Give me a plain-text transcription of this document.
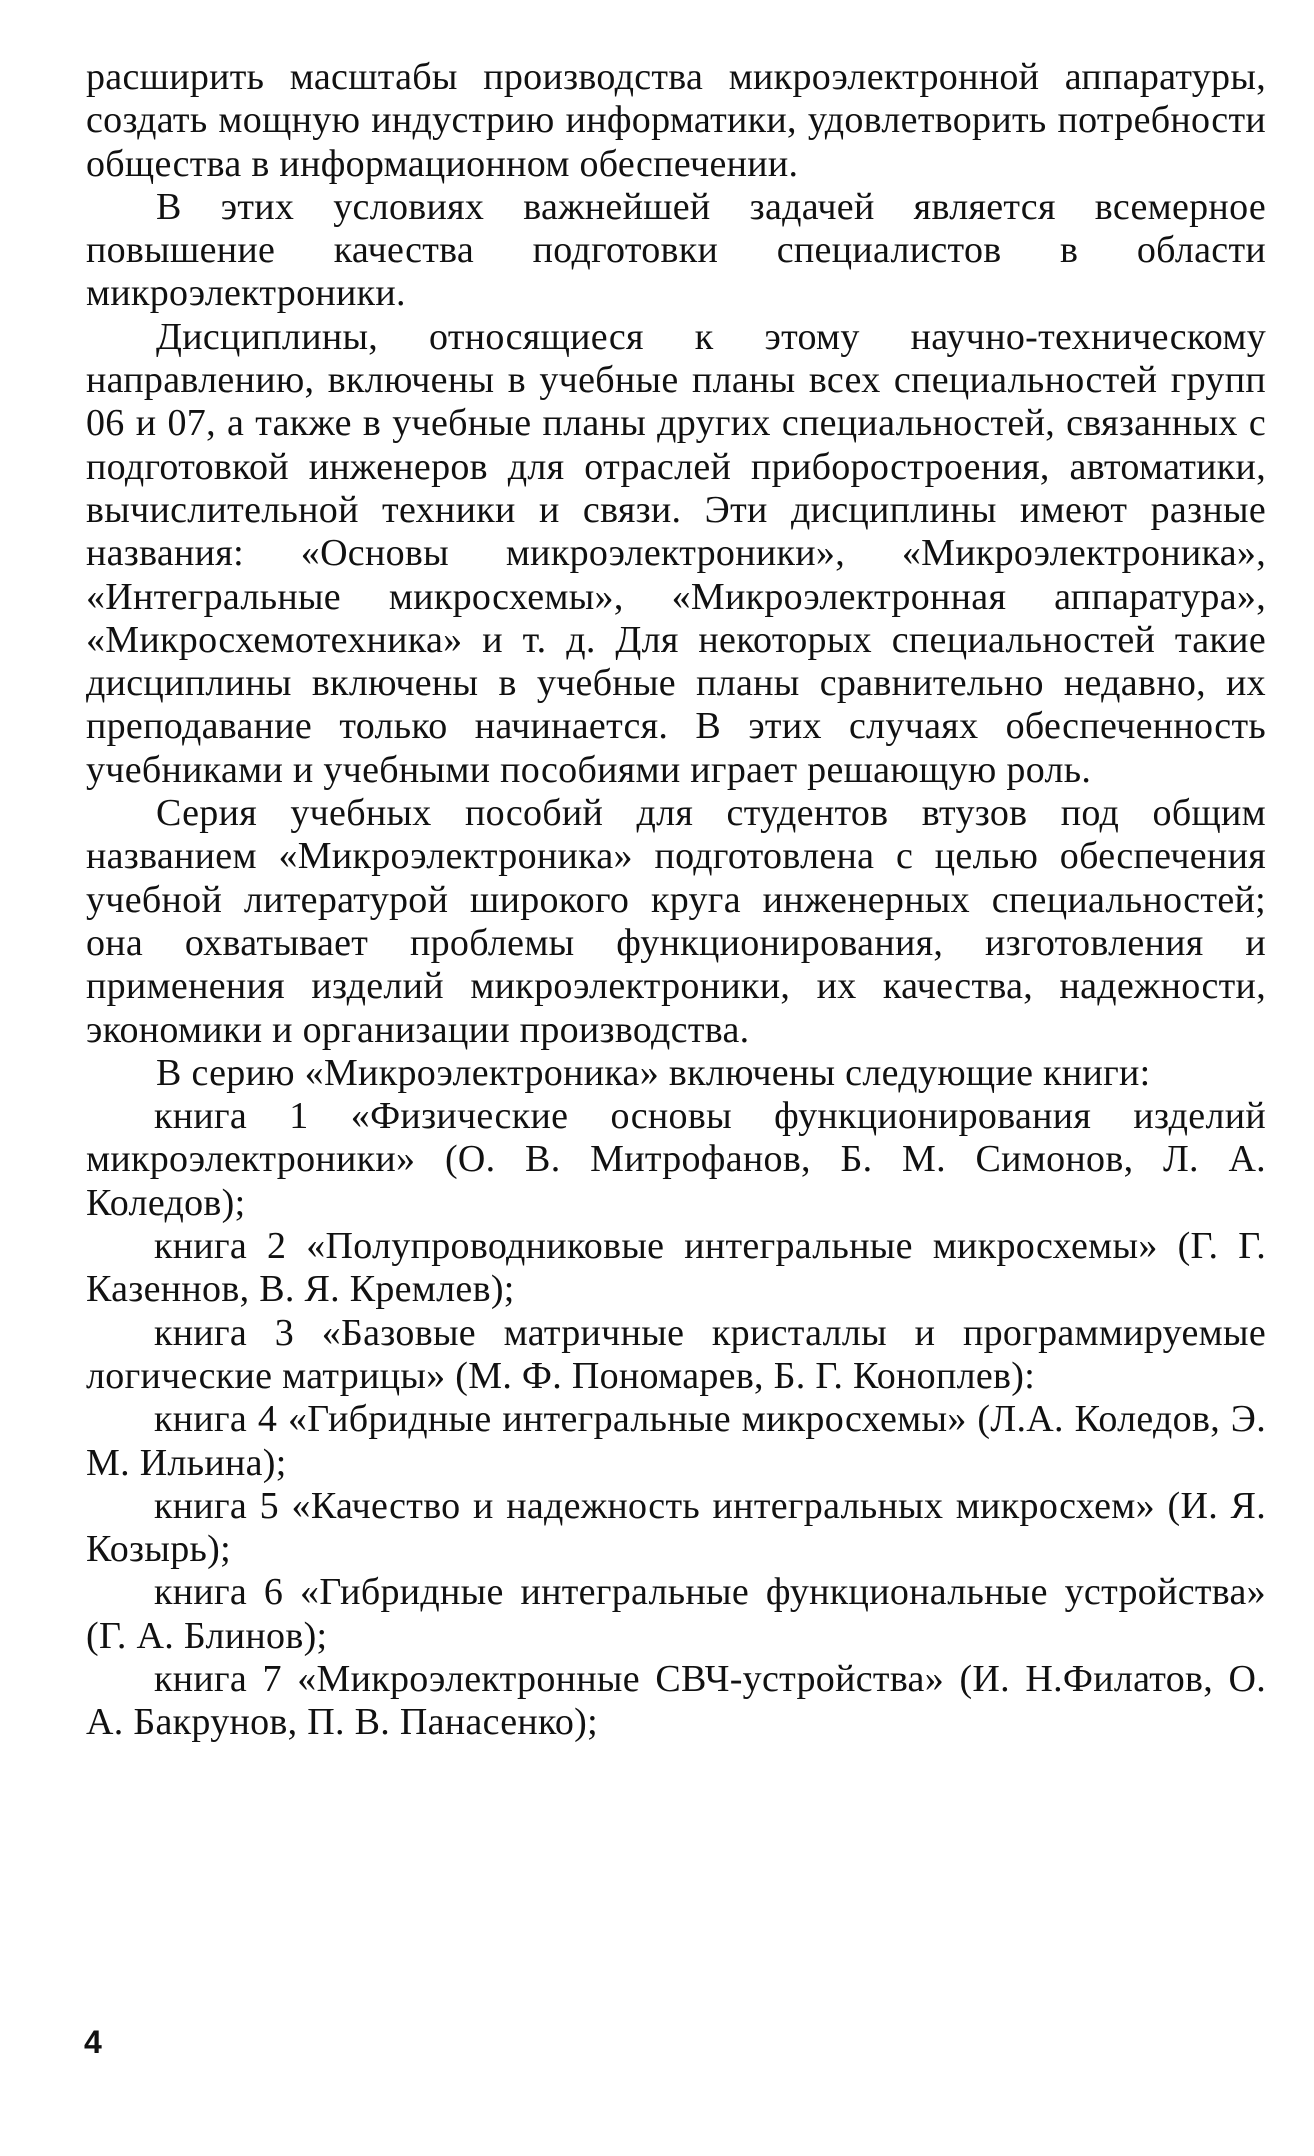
расширить масштабы производства микроэлектронной аппаратуры, создать мощную индустрию информатики, удовлетворить потребности общества в информационном обеспечении.

В этих условиях важнейшей задачей является всемерное повышение качества подготовки специалистов в области микроэлектроники.

Дисциплины, относящиеся к этому научно-техническому направлению, включены в учебные планы всех специальностей групп 06 и 07, а также в учебные планы других специальностей, связанных с подготовкой инженеров для отраслей приборостроения, автоматики, вычислительной техники и связи. Эти дисциплины имеют разные названия: «Основы микроэлектроники», «Микроэлектроника», «Интегральные микросхемы», «Микроэлектронная аппаратура», «Микросхемотехника» и т. д. Для некоторых специальностей такие дисциплины включены в учебные планы сравнительно недавно, их преподавание только начинается. В этих случаях обеспеченность учебниками и учебными пособиями играет решающую роль.

Серия учебных пособий для студентов втузов под общим названием «Микроэлектроника» подготовлена с целью обеспечения учебной литературой широкого круга инженерных специальностей; она охватывает проблемы функционирования, изготовления и применения изделий микроэлектроники, их качества, надежности, экономики и организации производства.

В серию «Микроэлектроника» включены следующие книги:

книга 1 «Физические основы функционирования изделий микроэлектроники» (О. В. Митрофанов, Б. М. Симонов, Л. А. Коледов);

книга 2 «Полупроводниковые интегральные микросхемы» (Г. Г. Казеннов, В. Я. Кремлев);

книга 3 «Базовые матричные кристаллы и программируемые логические матрицы» (М. Ф. Пономарев, Б. Г. Коноплев):

книга 4 «Гибридные интегральные микросхемы» (Л.А. Коледов, Э. М. Ильина);

книга 5 «Качество и надежность интегральных микросхем» (И. Я. Козырь);

книга 6 «Гибридные интегральные функциональные устройства» (Г. А. Блинов);

книга 7 «Микроэлектронные СВЧ-устройства» (И. Н.Филатов, О. А. Бакрунов, П. В. Панасенко);

4
